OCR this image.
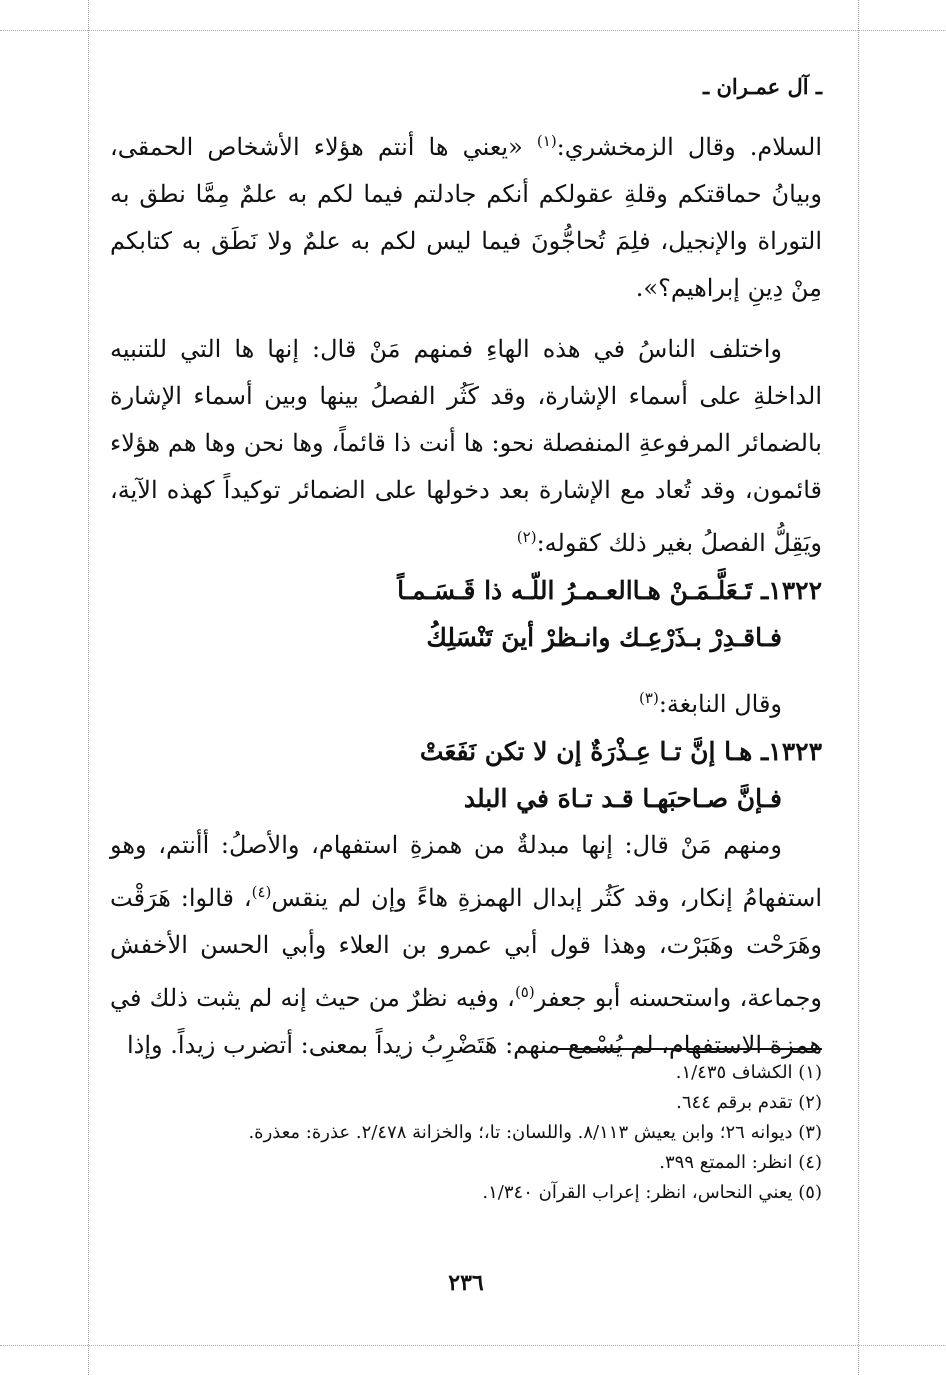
ـ آل عمـران ـ

السلام. وقال الزمخشري:$^{(١)}$ «يعني ها أنتم هؤلاء الأشخاص الحمقى، وبيانُ حماقتكم وقلةِ عقولكم أنكم جادلتم فيما لكم به علمٌ مِمَّا نطق به التوراة والإنجيل، فلِمَ تُحاجُّونَ فيما ليس لكم به علمٌ ولا نَطَق به كتابكم مِنْ دِينِ إبراهيم؟».

واختلف الناسُ في هذه الهاءِ فمنهم مَنْ قال: إنها ها التي للتنبيه الداخلةِ على أسماء الإشارة، وقد كَثُر الفصلُ بينها وبين أسماء الإشارة بالضمائر المرفوعةِ المنفصلة نحو: ها أنت ذا قائماً، وها نحن وها هم هؤلاء قائمون، وقد تُعاد مع الإشارة بعد دخولها على الضمائر توكيداً كهذه الآية، ويَقِلُّ الفصلُ بغير ذلك كقوله:$^{(٢)}$

١٣٢٢ـ تَـعَلَّـمَـنْ هـاالعـمـرُ اللّـه ذا قَـسَـمـاً

فـاقـدِرْ بـذَرْعِـك وانـظرْ أينَ تَنْسَلِكُ

وقال النابغة:$^{(٣)}$

١٣٢٣ـ هـا إنَّ تـا عِـذْرَةٌ إن لا تكن نَفَعَتْ

فـإنَّ صـاحبَهـا قـد تـاهَ في البلد

ومنهم مَنْ قال: إنها مبدلةٌ من همزةِ استفهام، والأصلُ: أأنتم، وهو استفهامُ إنكار، وقد كَثُر إبدال الهمزةِ هاءً وإن لم ينقس$^{(٤)}$، قالوا: هَرَقْت وهَرَحْت وهَبَرْت، وهذا قول أبي عمرو بن العلاء وأبي الحسن الأخفش وجماعة، واستحسنه أبو جعفر$^{(٥)}$، وفيه نظرٌ من حيث إنه لم يثبت ذلك في همزة الاستفهام، لم يُسْمع منهم: هَتَضْرِبُ زيداً بمعنى: أتضرب زيداً. وإذا

(١) الكشاف ١/٤٣٥.

(٢) تقدم برقم ٦٤٤.

(٣) ديوانه ٢٦؛ وابن يعيش ٨/١١٣. واللسان: تا،؛ والخزانة ٢/٤٧٨. عذرة: معذرة.

(٤) انظر: الممتع ٣٩٩.

(٥) يعني النحاس، انظر: إعراب القرآن ١/٣٤٠.

٢٣٦
